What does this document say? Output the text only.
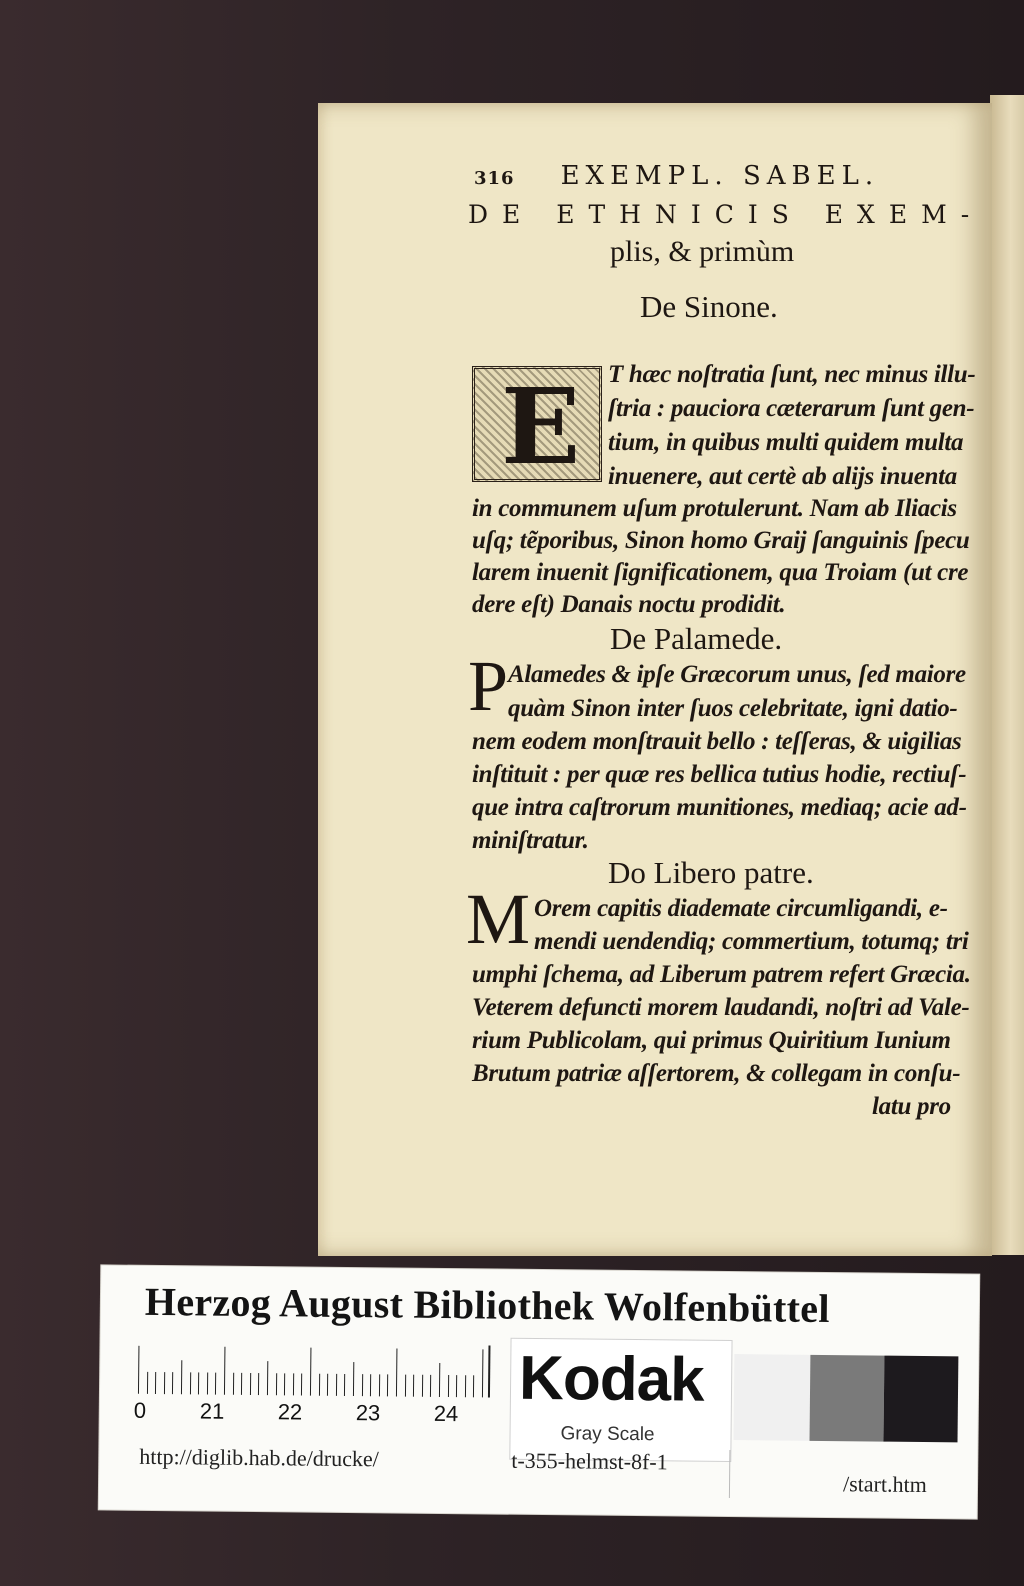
316 EXEMPL. SABEL.
DE ETHNICIS EXEM-
plis, & primùm
De Sinone.
E T hæc noſtratia ſunt, nec minus illu-
ſtria : pauciora cæterarum ſunt gen-
tium, in quibus multi quidem multa
inuenere, aut certè ab alijs inuenta
in communem uſum protulerunt. Nam ab Iliacis
uſq; tẽporibus, Sinon homo Graij ſanguinis ſpecu
larem inuenit ſignificationem, qua Troiam (ut cre
dere eſt) Danais noctu prodidit.
De Palamede.
P Alamedes & ipſe Græcorum unus, ſed maiore
quàm Sinon inter ſuos celebritate, igni datio-
nem eodem monſtrauit bello : teſſeras, & uigilias
inſtituit : per quæ res bellica tutius hodie, rectiuſ-
que intra caſtrorum munitiones, mediaq; acie ad-
miniſtratur.
Do Libero patre.
M Orem capitis diademate circumligandi, e-
mendi uendendiq; commertium, totumq; tri
umphi ſchema, ad Liberum patrem refert Græcia.
Veterem defuncti morem laudandi, noſtri ad Vale-
rium Publicolam, qui primus Quiritium Iunium
Brutum patriæ aſſertorem, & collegam in conſu-
latu pro
Herzog August Bibliothek Wolfenbüttel
0 21 22 23 24 Kodak
Gray Scale
http://diglib.hab.de/drucke/	t-355-helmst-8f-1
/start.htm
